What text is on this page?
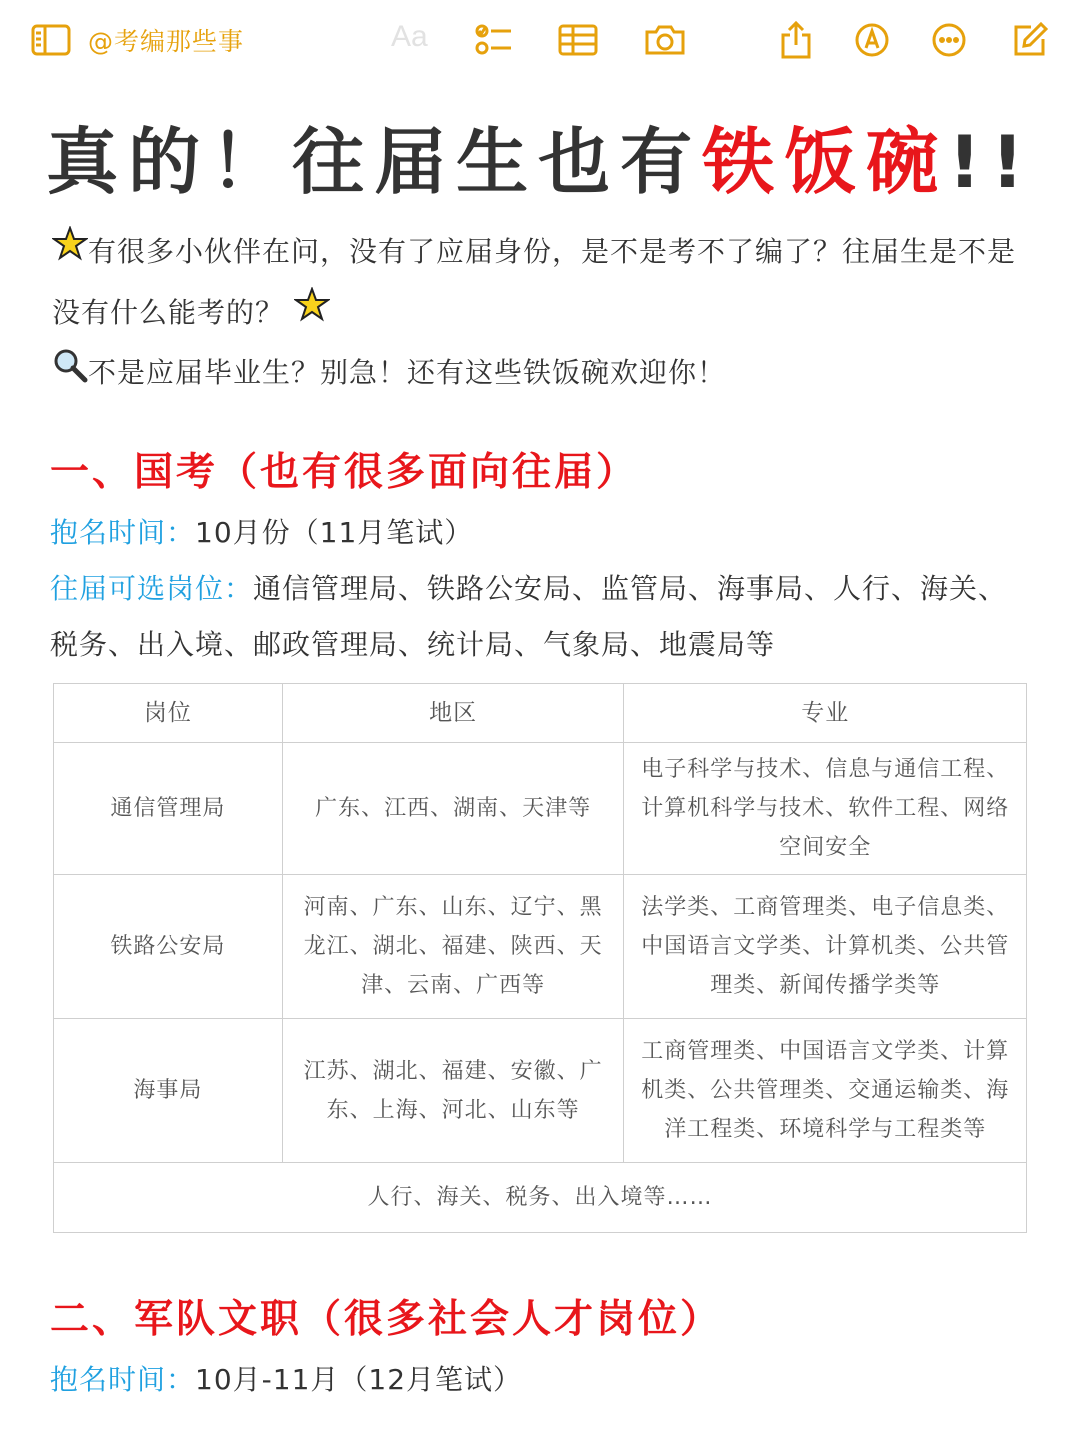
@考编那些事	Aa
真的！往届生也有铁饭碗!!
有很多小伙伴在问，没有了应届身份，是不是考不了编了？往届生是不是没有什么能考的？
不是应届毕业生？别急！还有这些铁饭碗欢迎你！
一、国考（也有很多面向往届）
抱名时间：10月份（11月笔试）
往届可选岗位：通信管理局、铁路公安局、监管局、海事局、人行、海关、税务、出入境、邮政管理局、统计局、气象局、地震局等
岗位	地区	专业
通信管理局	广东、江西、湖南、天津等	电子科学与技术、信息与通信工程、计算机科学与技术、软件工程、网络空间安全
铁路公安局	河南、广东、山东、辽宁、黑龙江、湖北、福建、陕西、天津、云南、广西等	法学类、工商管理类、电子信息类、中国语言文学类、计算机类、公共管理类、新闻传播学类等
海事局	江苏、湖北、福建、安徽、广东、上海、河北、山东等	工商管理类、中国语言文学类、计算机类、公共管理类、交通运输类、海洋工程类、环境科学与工程类等
人行、海关、税务、出入境等……		
二、军队文职（很多社会人才岗位）
抱名时间：10月-11月（12月笔试）
